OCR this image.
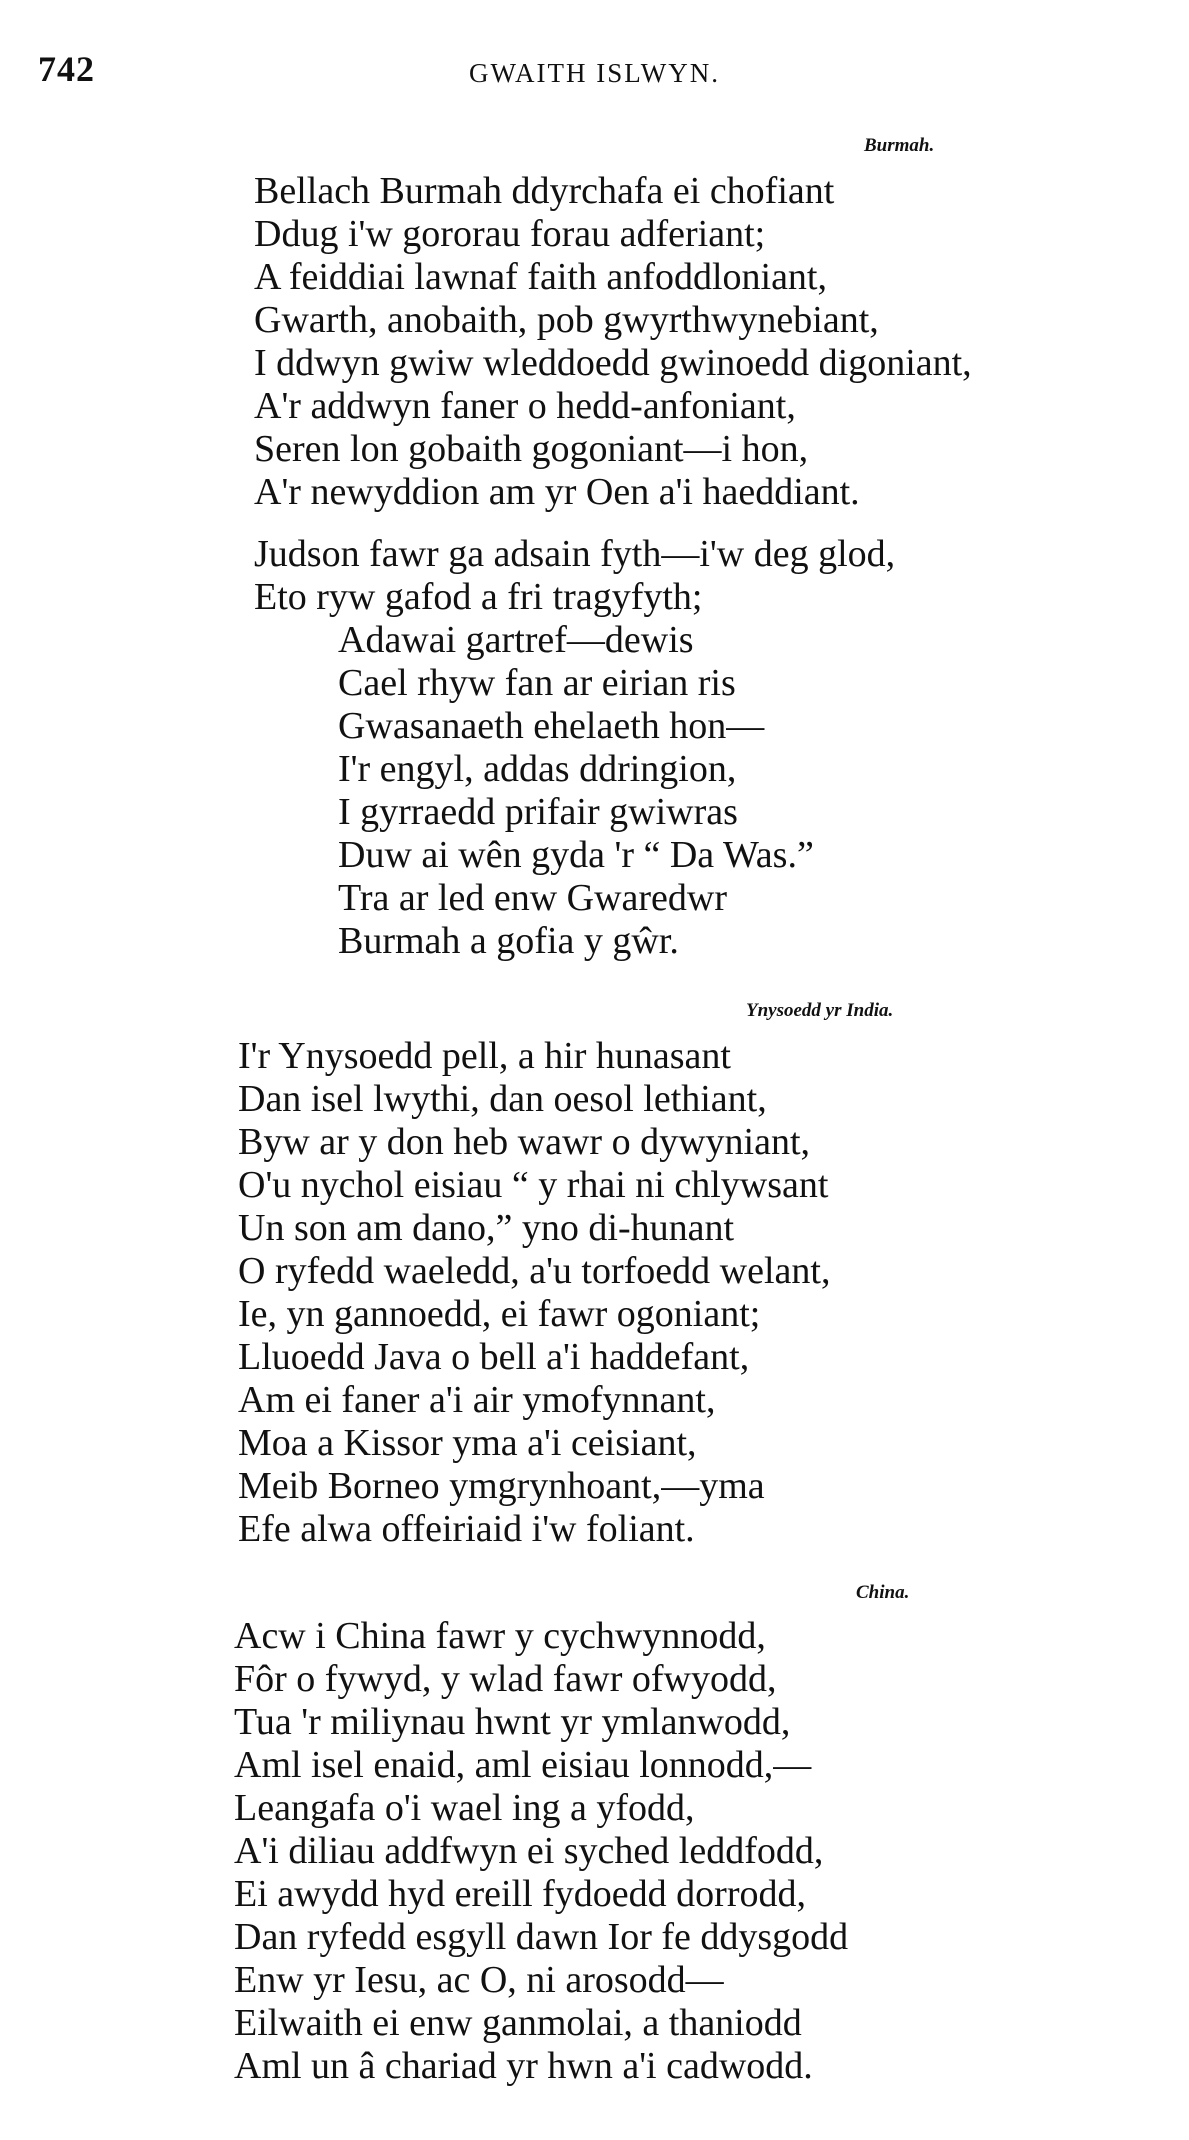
742	GWAITH ISLWYN.
Burmah.
Bellach Burmah ddyrchafa ei chofiant
Ddug i'w gororau forau adferiant;
A feiddiai lawnaf faith anfoddloniant,
Gwarth, anobaith, pob gwyrthwynebiant,
I ddwyn gwiw wleddoedd gwinoedd digoniant,
A'r addwyn faner o hedd-anfoniant,
Seren lon gobaith gogoniant—i hon,
A'r newyddion am yr Oen a'i haeddiant.
Judson fawr ga adsain fyth—i'w deg glod,
Eto ryw gafod a fri tragyfyth;
Adawai gartref—dewis
Cael rhyw fan ar eirian ris
Gwasanaeth ehelaeth hon—
I'r engyl, addas ddringion,
I gyrraedd prifair gwiwras
Duw ai wên gyda 'r “ Da Was.”
Tra ar led enw Gwaredwr
Burmah a gofia y gŵr.
Ynysoedd yr India.
I'r Ynysoedd pell, a hir hunasant
Dan isel lwythi, dan oesol lethiant,
Byw ar y don heb wawr o dywyniant,
O'u nychol eisiau “ y rhai ni chlywsant
Un son am dano,” yno di-hunant
O ryfedd waeledd, a'u torfoedd welant,
Ie, yn gannoedd, ei fawr ogoniant;
Lluoedd Java o bell a'i haddefant,
Am ei faner a'i air ymofynnant,
Moa a Kissor yma a'i ceisiant,
Meib Borneo ymgrynhoant,—yma
Efe alwa offeiriaid i'w foliant.
China.
Acw i China fawr y cychwynnodd,
Fôr o fywyd, y wlad fawr ofwyodd,
Tua 'r miliynau hwnt yr ymlanwodd,
Aml isel enaid, aml eisiau lonnodd,—
Leangafa o'i wael ing a yfodd,
A'i diliau addfwyn ei syched leddfodd,
Ei awydd hyd ereill fydoedd dorrodd,
Dan ryfedd esgyll dawn Ior fe ddysgodd
Enw yr Iesu, ac O, ni arosodd—
Eilwaith ei enw ganmolai, a thaniodd
Aml un â chariad yr hwn a'i cadwodd.
